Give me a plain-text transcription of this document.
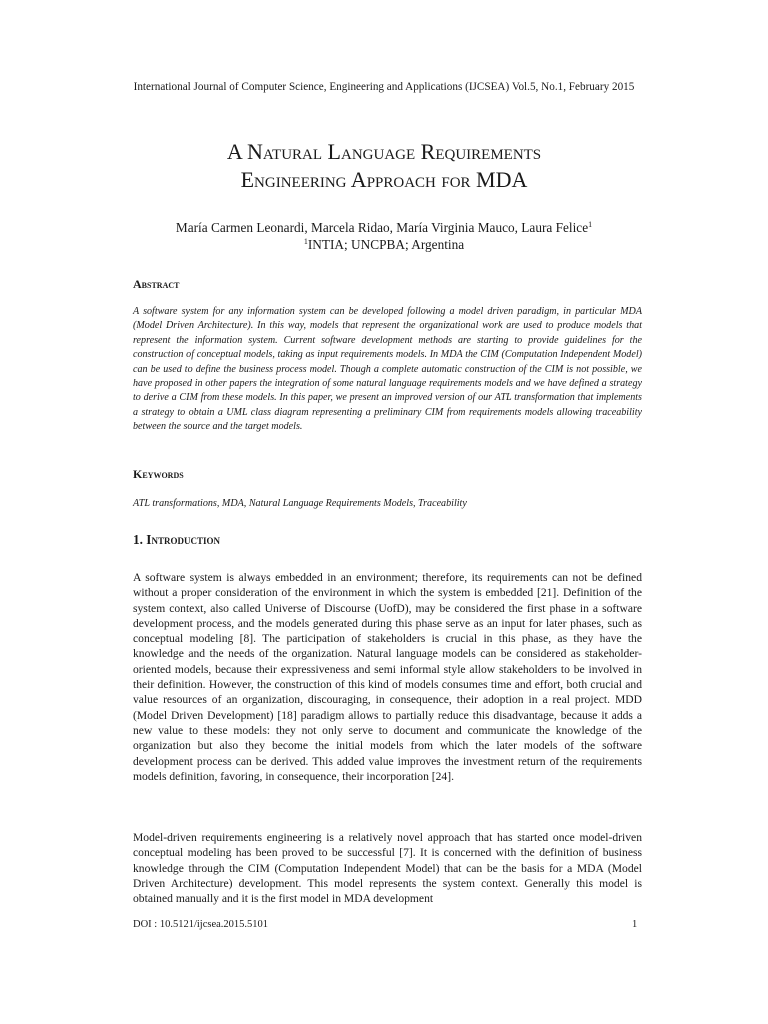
International Journal of Computer Science, Engineering and Applications (IJCSEA) Vol.5, No.1, February 2015
A Natural Language Requirements
Engineering Approach for MDA
María Carmen Leonardi, Marcela Ridao, María Virginia Mauco, Laura Felice$^1$
$^1$INTIA; UNCPBA; Argentina
Abstract
A software system for any information system can be developed following a model driven paradigm, in particular MDA (Model Driven Architecture). In this way, models that represent the organizational work are used to produce models that represent the information system. Current software development methods are starting to provide guidelines for the construction of conceptual models, taking as input requirements models. In MDA the CIM (Computation Independent Model) can be used to define the business process model. Though a complete automatic construction of the CIM is not possible, we have proposed in other papers the integration of some natural language requirements models and we have defined a strategy to derive a CIM from these models. In this paper, we present an improved version of our ATL transformation that implements a strategy to obtain a UML class diagram representing a preliminary CIM from requirements models allowing traceability between the source and the target models.
Keywords
ATL transformations, MDA, Natural Language Requirements Models, Traceability
1. Introduction
A software system is always embedded in an environment; therefore, its requirements can not be defined without a proper consideration of the environment in which the system is embedded [21]. Definition of the system context, also called Universe of Discourse (UofD), may be considered the first phase in a software development process, and the models generated during this phase serve as an input for later phases, such as conceptual modeling [8]. The participation of stakeholders is crucial in this phase, as they have the knowledge and the needs of the organization. Natural language models can be considered as stakeholder-oriented models, because their expressiveness and semi informal style allow stakeholders to be involved in their definition. However, the construction of this kind of models consumes time and effort, both crucial and value resources of an organization, discouraging, in consequence, their adoption in a real project. MDD (Model Driven Development) [18] paradigm allows to partially reduce this disadvantage, because it adds a new value to these models: they not only serve to document and communicate the knowledge of the organization but also they become the initial models from which the later models of the software development process can be derived. This added value improves the investment return of the requirements models definition, favoring, in consequence, their incorporation [24].
Model-driven requirements engineering is a relatively novel approach that has started once model-driven conceptual modeling has been proved to be successful [7]. It is concerned with the definition of business knowledge through the CIM (Computation Independent Model) that can be the basis for a MDA (Model Driven Architecture) development. This model represents the system context. Generally this model is obtained manually and it is the first model in MDA development
DOI : 10.5121/ijcsea.2015.5101	1
